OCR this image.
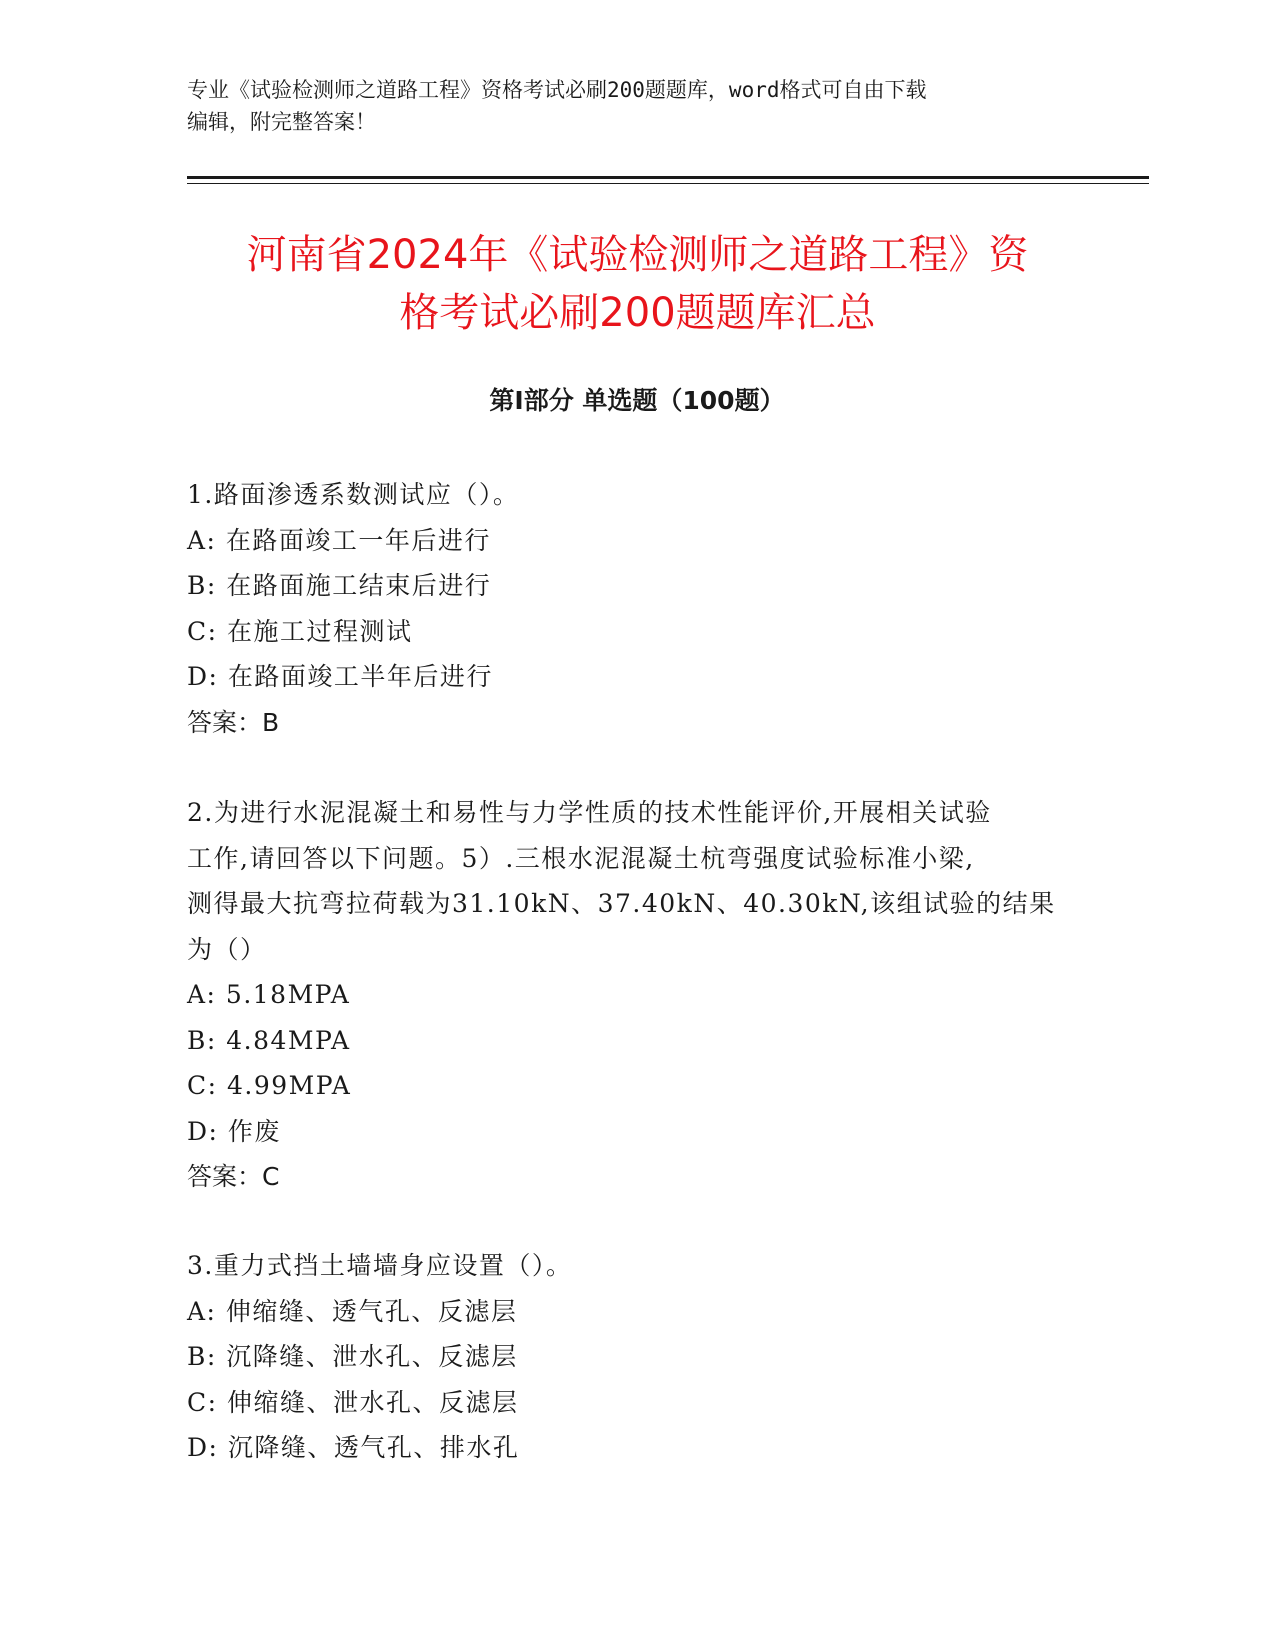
专业《试验检测师之道路工程》资格考试必刷200题题库，word格式可自由下载
编辑，附完整答案！
河南省2024年《试验检测师之道路工程》资
格考试必刷200题题库汇总
第Ⅰ部分 单选题（100题）
1.路面渗透系数测试应（）。
A: 在路面竣工一年后进行
B: 在路面施工结束后进行
C: 在施工过程测试
D: 在路面竣工半年后进行
答案：B
2.为进行水泥混凝土和易性与力学性质的技术性能评价,开展相关试验
工作,请回答以下问题。5）.三根水泥混凝土杭弯强度试验标准小梁,
测得最大抗弯拉荷载为31.10kN、37.40kN、40.30kN,该组试验的结果
为（）
A: 5.18MPA
B: 4.84MPA
C: 4.99MPA
D: 作废
答案：C
3.重力式挡土墙墙身应设置（）。
A: 伸缩缝、透气孔、反滤层
B: 沉降缝、泄水孔、反滤层
C: 伸缩缝、泄水孔、反滤层
D: 沉降缝、透气孔、排水孔
